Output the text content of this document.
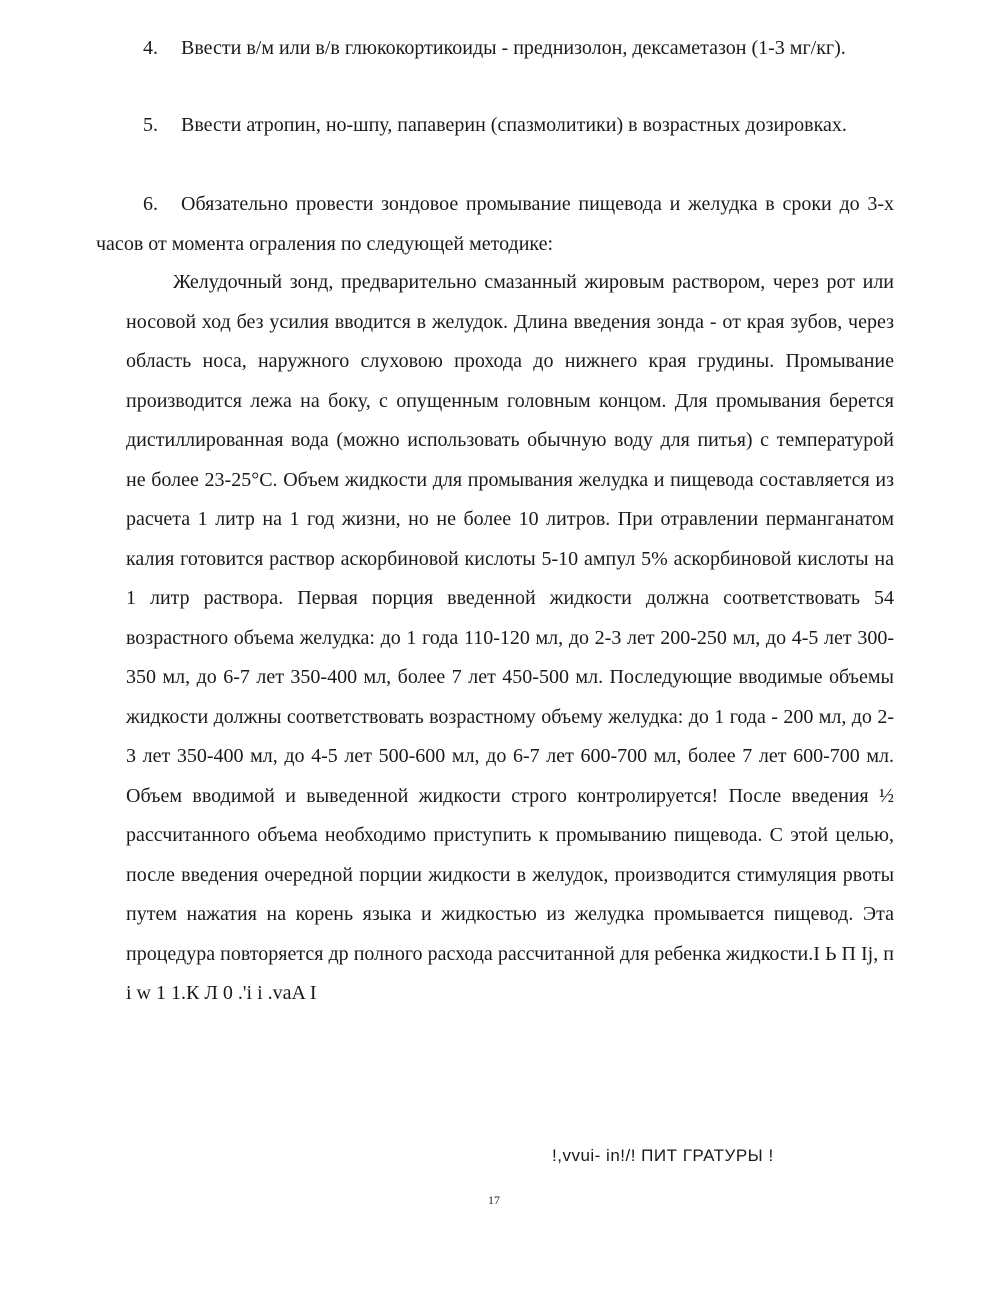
4. Ввести в/м или в/в глюкокортикоиды - преднизолон, дексаметазон (1-3 мг/кг).

5. Ввести атропин, но-шпу, папаверин (спазмолитики) в возрастных дозировках.

6. Обязательно провести зондовое промывание пищевода и желудка в сроки до 3-х часов от момента ограления по следующей методике:

Желудочный зонд, предварительно смазанный жировым раствором, через рот или носовой ход без усилия вводится в желудок. Длина введения зонда - от края зубов, через область носа, наружного слуховою прохода до нижнего края грудины. Промывание производится лежа на боку, с опущенным головным концом. Для промывания берется дистиллированная вода (можно использовать обычную воду для питья) с температурой не более 23-25°С. Объем жидкости для промывания желудка и пищевода составляется из расчета 1 литр на 1 год жизни, но не более 10 литров. При отравлении перманганатом калия готовится раствор аскорбиновой кислоты 5-10 ампул 5% аскорбиновой кислоты на 1 литр раствора. Первая порция введенной жидкости должна соответствовать 54 возрастного объема желудка: до 1 года 110-120 мл, до 2-3 лет 200-250 мл, до 4-5 лет 300-350 мл, до 6-7 лет 350-400 мл, более 7 лет 450-500 мл. Последующие вводимые объемы жидкости должны соответствовать возрастному объему желудка: до 1 года - 200 мл, до 2-3 лет 350-400 мл, до 4-5 лет 500-600 мл, до 6-7 лет 600-700 мл, более 7 лет 600-700 мл. Объем вводимой и выведенной жидкости строго контролируется! После введения ½ рассчитанного объема необходимо приступить к промыванию пищевода. С этой целью, после введения очередной порции жидкости в желудок, производится стимуляция рвоты путем нажатия на корень языка и жидкостью из желудка промывается пищевод. Эта процедура повторяется др полного расхода рассчитанной для ребенка жидкости.I Ь П Ij, п i w 1 1.К Л 0 .'i i .vaA I

!,vvui- in!/! ПИТ ГРАТУРЫ !
17
